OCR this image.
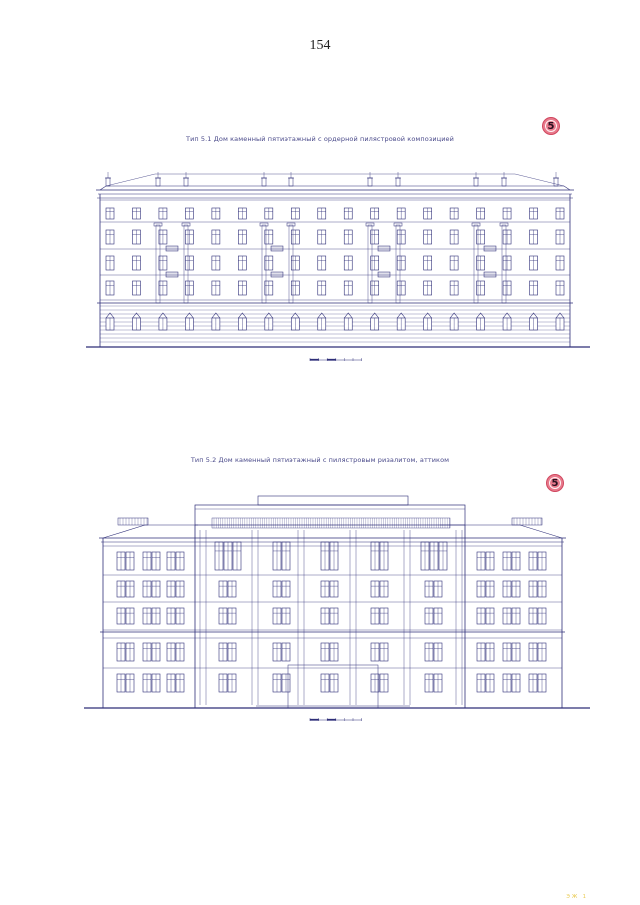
154
Тип 5.1 Дом каменный пятиэтажный с ордерной пилястровой композицией
5
Тип 5.2 Дом каменный пятиэтажный с пилястровым ризалитом, аттиком
5
ЭЖ 1
